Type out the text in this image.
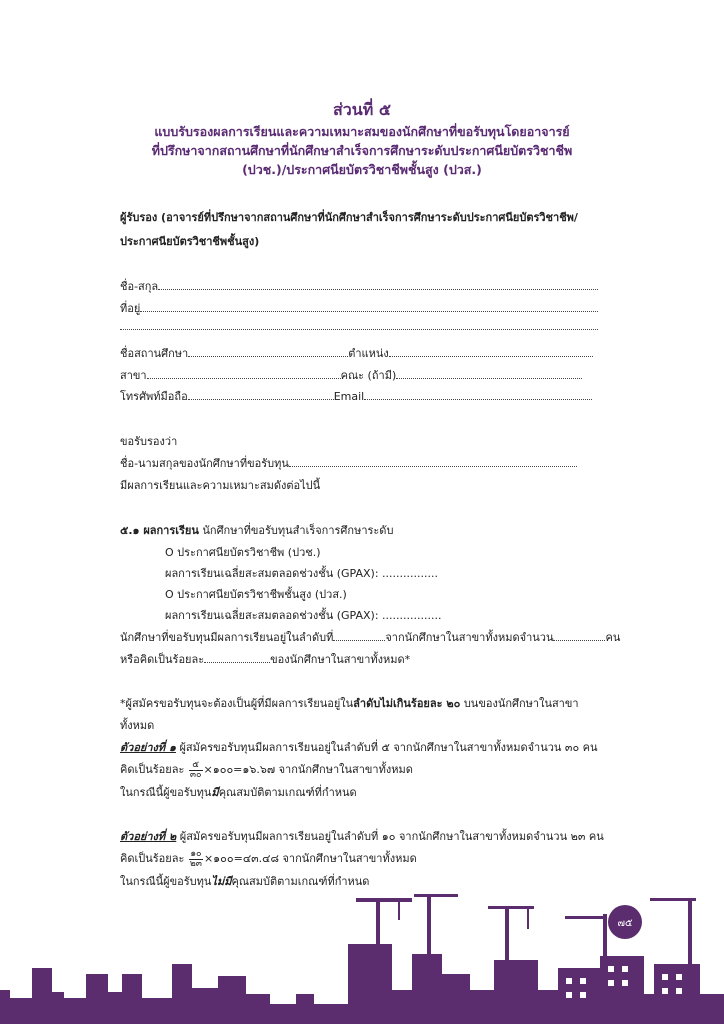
ส่วนที่ ๕
แบบรับรองผลการเรียนและความเหมาะสมของนักศึกษาที่ขอรับทุนโดยอาจารย์
ที่ปรึกษาจากสถานศึกษาที่นักศึกษาสำเร็จการศึกษาระดับประกาศนียบัตรวิชาชีพ
(ปวช.)/ประกาศนียบัตรวิชาชีพชั้นสูง (ปวส.)
ผู้รับรอง (อาจารย์ที่ปรึกษาจากสถานศึกษาที่นักศึกษาสำเร็จการศึกษาระดับประกาศนียบัตรวิชาชีพ/
ประกาศนียบัตรวิชาชีพชั้นสูง)
ชื่อ-สกุล
ที่อยู่
ชื่อสถานศึกษา	ตำแหน่ง
สาขา	คณะ (ถ้ามี)
โทรศัพท์มือถือ	Email
ขอรับรองว่า
ชื่อ-นามสกุลของนักศึกษาที่ขอรับทุน
มีผลการเรียนและความเหมาะสมดังต่อไปนี้
๕.๑ ผลการเรียน นักศึกษาที่ขอรับทุนสำเร็จการศึกษาระดับ
O ประกาศนียบัตรวิชาชีพ (ปวช.)
ผลการเรียนเฉลี่ยสะสมตลอดช่วงชั้น (GPAX): ................
O ประกาศนียบัตรวิชาชีพชั้นสูง (ปวส.)
ผลการเรียนเฉลี่ยสะสมตลอดช่วงชั้น (GPAX): .................
นักศึกษาที่ขอรับทุนมีผลการเรียนอยู่ในลำดับที่	จากนักศึกษาในสาขาทั้งหมดจำนวน	คน
หรือคิดเป็นร้อยละ	ของนักศึกษาในสาขาทั้งหมด*
*ผู้สมัครขอรับทุนจะต้องเป็นผู้ที่มีผลการเรียนอยู่ในลำดับไม่เกินร้อยละ ๒๐ บนของนักศึกษาในสาขา
ทั้งหมด
ตัวอย่างที่ ๑ ผู้สมัครขอรับทุนมีผลการเรียนอยู่ในลำดับที่ ๕ จากนักศึกษาในสาขาทั้งหมดจำนวน ๓๐ คน
คิดเป็นร้อยละ ๕
๓๐ ×๑๐๐=๑๖.๖๗ จากนักศึกษาในสาขาทั้งหมด
ในกรณีนี้ผู้ขอรับทุนมีคุณสมบัติตามเกณฑ์ที่กำหนด
ตัวอย่างที่ ๒ ผู้สมัครขอรับทุนมีผลการเรียนอยู่ในลำดับที่ ๑๐ จากนักศึกษาในสาขาทั้งหมดจำนวน ๒๓ คน
คิดเป็นร้อยละ ๑๐
๒๓ ×๑๐๐=๔๓.๔๘ จากนักศึกษาในสาขาทั้งหมด
ในกรณีนี้ผู้ขอรับทุนไม่มีคุณสมบัติตามเกณฑ์ที่กำหนด
๗๕
